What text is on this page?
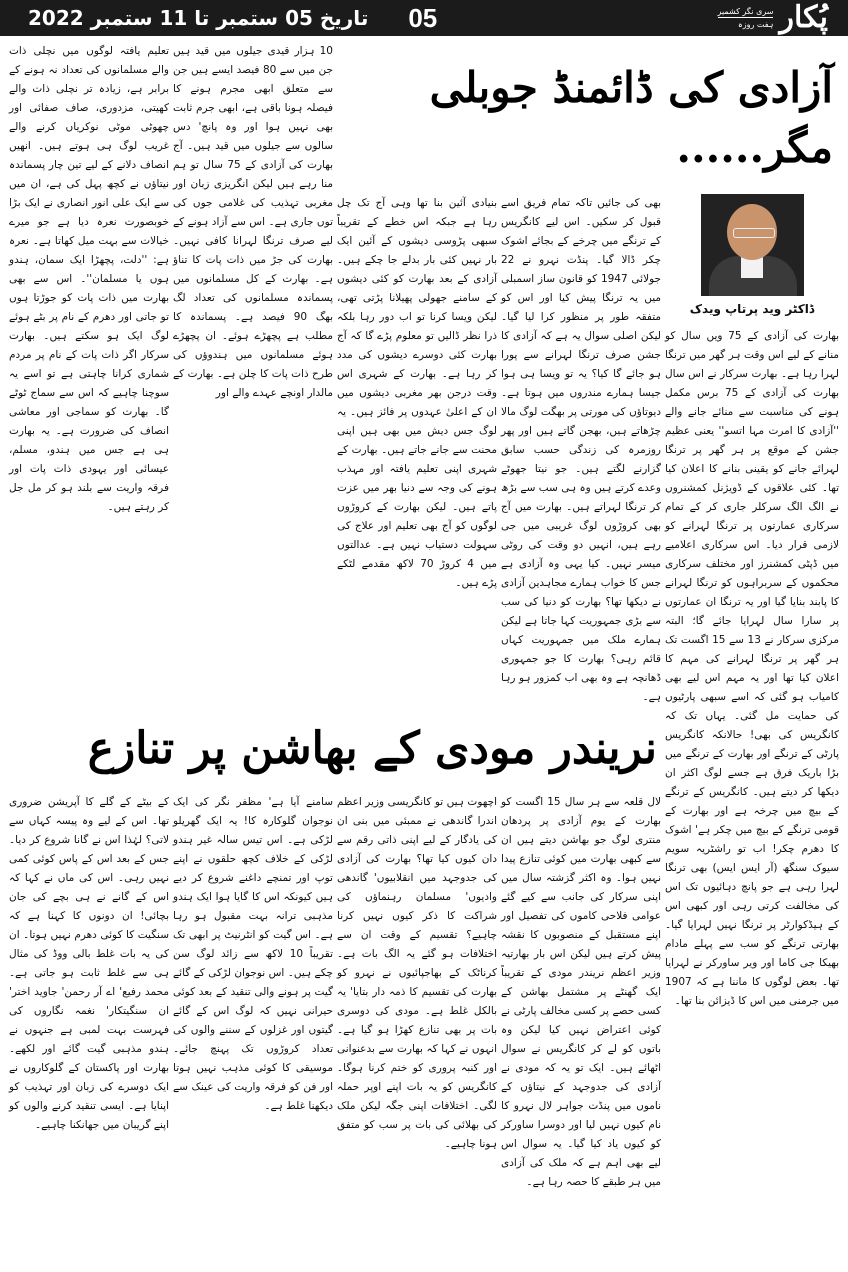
پُکار
سری نگر کشمیر
ہفت روزہ
05
تاریخ 05 ستمبر تا 11 ستمبر 2022
آزادی کی ڈائمنڈ جوبلی مگر......
ڈاکٹر وید پرتاپ ویدک

بھارت کی آزادی کے 75 ویں سال کو منانے کے لیے اس وقت ہر گھر میں ترنگا لہرا رہا ہے۔ بھارت سرکار نے اس سال بھارت کی آزادی کے 75 برس مکمل ہونے کی مناسبت سے منائے جانے والے ''آزادی کا امرت مہا اتسو'' یعنی عظیم جشن کے موقع پر ہر گھر پر ترنگا لہرائے جانے کو یقینی بنانے کا اعلان کیا تھا۔ کئی علاقوں کے ڈویژنل کمشنروں نے الگ الگ سرکلر جاری کر کے تمام سرکاری عمارتوں پر ترنگا لہرانے کو لازمی قرار دیا۔ اس سرکاری اعلامیے میں ڈپٹی کمشنرز اور مختلف سرکاری محکموں کے سربراہوں کو ترنگا لہرانے کا پابند بنایا گیا اور یہ ترنگا ان عمارتوں پر سارا سال لہرایا جائے گا؛ البتہ مرکزی سرکار نے 13 سے 15 اگست تک ہر گھر پر ترنگا لہرانے کی مہم کا اعلان کیا تھا اور یہ مہم اس لیے بھی کامیاب ہو گئی کہ اسے سبھی پارٹیوں کی حمایت مل گئی۔ یہاں تک کہ کانگریس کی بھی! حالانکہ کانگریس پارٹی کے ترنگے اور بھارت کے ترنگے میں بڑا باریک فرق ہے جسے لوگ اکثر ان دیکھا کر دیتے ہیں۔ کانگریس کے ترنگے کے بیچ میں چرخہ ہے اور بھارت کے قومی ترنگے کے بیچ میں چکر ہے' اشوک کا دھرم چکر! اب تو راشٹریہ سویم سیوک سنگھ (آر ایس ایس) بھی ترنگا لہرا رہی ہے جو پانچ دہائیوں تک اس کی مخالفت کرتی رہی اور کبھی اس کے ہیڈکوارٹر پر ترنگا نہیں لہرایا گیا۔ بھارتی ترنگے کو سب سے پہلے مادام بھیکا جی کاما اور ویر ساورکر نے لہرایا تھا۔ بعض لوگوں کا ماننا ہے کہ 1907 میں جرمنی میں اس کا ڈیزائن بنا تھا۔

بھی کی جائیں تاکہ تمام فریق اسے قبول کر سکیں۔ اس لیے کانگریس کے ترنگے میں چرخے کے بجائے اشوک چکر ڈالا گیا۔ پنڈت نہرو نے 22 جولائی 1947 کو قانون ساز اسمبلی میں یہ ترنگا پیش کیا اور اس کو متفقہ طور پر منظور کرا لیا گیا۔ لیکن اصلی سوال یہ ہے کہ آزادی کا جشن صرف ترنگا لہرانے سے پورا ہو جائے گا کیا؟ یہ تو ویسا ہی ہوا جیسا ہمارے مندروں میں ہوتا ہے۔ دیوتاؤں کی مورتی پر بھگت لوگ مالا چڑھاتے ہیں، بھجن گاتے ہیں اور پھر روزمرہ کی زندگی حسب سابق گزارنے لگتے ہیں۔ جو نیتا جھوٹے وعدے کرتے ہیں وہ ہی سب سے بڑھ کر ترنگا لہراتے ہیں۔ بھارت میں آج بھی کروڑوں لوگ غریبی میں جی رہے ہیں، انہیں دو وقت کی روٹی میسر نہیں۔ کیا یہی وہ آزادی ہے جس کا خواب ہمارے مجاہدین آزادی نے دیکھا تھا؟ بھارت کو دنیا کی سب سے بڑی جمہوریت کہا جاتا ہے لیکن ہمارے ملک میں جمہوریت کہاں قائم رہی؟ بھارت کا جو جمہوری ڈھانچہ ہے وہ بھی اب کمزور ہو رہا ہے۔

بنیادی آئین بنا تھا وہی آج تک چل رہا ہے جبکہ اس خطے کے تقریباً سبھی پڑوسی دیشوں کے آئین ایک بار نہیں کئی بار بدلے جا چکے ہیں۔ آزادی کے بعد بھارت کو کئی دیشوں کے سامنے جھولی پھیلانا پڑتی تھی، لیکن ویسا کرنا تو اب دور رہا بلکہ ذرا نظر ڈالیں تو معلوم پڑے گا کہ آج بھارت کئی دوسرے دیشوں کی مدد کر رہا ہے۔ بھارت کے شہری اس وقت درجن بھر مغربی دیشوں میں ان کے اعلیٰ عہدوں پر فائز ہیں۔ یہ لوگ جس دیش میں بھی ہیں اپنی محنت سے جانے جاتے ہیں۔ بھارت کے شہری اپنی تعلیم یافتہ اور مہذب ہونے کی وجہ سے دنیا بھر میں عزت پاتے ہیں۔ لیکن بھارت کے کروڑوں لوگوں کو آج بھی تعلیم اور علاج کی سہولت دستیاب نہیں ہے۔ عدالتوں میں 4 کروڑ 70 لاکھ مقدمے لٹکے پڑے ہیں۔

10 ہزار قیدی جیلوں میں قید ہیں جن میں سے 80 فیصد ایسے ہیں جن سے متعلق ابھی مجرم ہونے کا فیصلہ ہونا باقی ہے، ابھی جرم ثابت بھی نہیں ہوا اور وہ پانچ' دس سالوں سے جیلوں میں قید ہیں۔ آج بھارت کی آزادی کے 75 سال تو ہم منا رہے ہیں لیکن انگریزی زبان اور مغربی تہذیب کی غلامی جوں کی توں جاری ہے۔ اس سے آزاد ہونے کے لیے صرف ترنگا لہرانا کافی نہیں۔ بھارت کی جڑ میں ذات پات کا تناؤ ہے۔ بھارت کے کل مسلمانوں میں پسماندہ مسلمانوں کی تعداد لگ بھگ 90 فیصد ہے۔ پسماندہ کا مطلب ہے پچھڑے ہوئے۔ ان پچھڑے ہوئے مسلمانوں میں ہندوؤں کی طرح ذات پات کا چلن ہے۔ بھارت کے مالدار اونچے عہدے والے اور

تعلیم یافتہ لوگوں میں نچلی ذات والے مسلمانوں کی تعداد نہ ہونے کے برابر ہے، زیادہ تر نچلی ذات والے کھیتی، مزدوری، صاف صفائی اور چھوٹی موٹی نوکریاں کرنے والے غریب لوگ ہی ہوتے ہیں۔ انھیں انصاف دلانے کے لیے تین چار پسماندہ نیتاؤں نے کچھ پہل کی ہے، ان میں سے ایک علی انور انصاری نے ایک بڑا خوبصورت نعرہ دیا ہے جو میرے خیالات سے بہت میل کھاتا ہے۔ نعرہ ہے: ''دلت، پچھڑا ایک سمان، ہندو ہوں یا مسلمان''۔ اس سے بھی بھارت میں ذات پات کو جوڑتا ہوں تو جاتی اور دھرم کے نام پر بٹے ہوئے لوگ ایک ہو سکتے ہیں۔ بھارت سرکار اگر ذات پات کے نام پر مردم شماری کرانا چاہتی ہے تو اسے یہ سوچنا چاہیے کہ اس سے سماج ٹوٹے گا۔ بھارت کو سماجی اور معاشی انصاف کی ضرورت ہے۔ یہ بھارت ہی ہے جس میں ہندو، مسلم، عیسائی اور یہودی ذات پات اور فرقہ واریت سے بلند ہو کر مل جل کر رہتے ہیں۔

نریندر مودی کے بھاشن پر تنازع

لال قلعہ سے ہر سال 15 اگست کو بھارت کے یوم آزادی پر پردھان منتری لوگ جو بھاشن دیتے ہیں ان سے کبھی بھارت میں کوئی تنازع پیدا نہیں ہوا۔ وہ اکثر گزشتہ سال میں اپنی سرکار کی جانب سے کیے گئے عوامی فلاحی کاموں کی تفصیل اور اپنے مستقبل کے منصوبوں کا نقشہ پیش کرتے ہیں لیکن اس بار بھارتیہ وزیر اعظم نریندر مودی کے تقریباً ایک گھنٹے پر مشتمل بھاشن کے کسی حصے پر کسی مخالف پارٹی نے کوئی اعتراض نہیں کیا لیکن وہ باتوں کو لے کر کانگریس نے سوال اٹھائے ہیں۔ ایک تو یہ کہ مودی نے آزادی کی جدوجہد کے نیتاؤں کے ناموں میں پنڈت جواہر لال نہرو کا نام کیوں نہیں لیا اور دوسرا ساورکر کو کیوں یاد کیا گیا۔ یہ سوال اس لیے بھی اہم ہے کہ ملک کی آزادی میں ہر طبقے کا حصہ رہا ہے۔

اچھوت ہیں تو کانگریسی وزیر اعظم اندرا گاندھی نے ممبئی میں بنی ان کی یادگار کے لیے اپنی ذاتی رقم سے دان کیوں کیا تھا؟ بھارت کی آزادی کی جدوجہد میں انقلابیوں' گاندھی وادیوں' مسلمان رہنماؤں کی شراکت کا ذکر کیوں نہیں کرنا چاہیے؟ تقسیم کے وقت ان سے اختلافات ہو گئے یہ الگ بات ہے۔ کرناٹک کے بھاجپائیوں نے نہرو کو بھارت کی تقسیم کا ذمہ دار بتایا' یہ بالکل غلط ہے۔ مودی کی دوسری بات پر بھی تنازع کھڑا ہو گیا ہے۔ انہوں نے کہا کہ بھارت سے بدعنوانی اور کنبہ پروری کو ختم کرنا ہوگا۔ کانگریس کو یہ بات اپنے اوپر حملہ لگی۔ اختلافات اپنی جگہ لیکن ملک کی بھلائی کی بات پر سب کو متفق ہونا چاہیے۔

سامنے آیا ہے' مظفر نگر کی ایک نوجوان گلوکارہ کا! یہ ایک گھریلو لڑکی ہے۔ اس تیس سالہ غیر ہندو لڑکی کے خلاف کچھ حلقوں نے اپنے توپ اور تمنچے داغنے شروع کر دیے ہیں کیونکہ اس کا گایا ہوا ایک ہندو مذہبی ترانہ بہت مقبول ہو رہا ہے۔ اس گیت کو انٹرنیٹ پر ابھی تک تقریباً 10 لاکھ سے زائد لوگ سن چکے ہیں۔ اس نوجوان لڑکی کے گائے گیت پر ہونے والی تنقید کے بعد کوئی حیرانی نہیں کہ لوگ اس کے گائے گیتوں اور غزلوں کے سننے والوں کی تعداد کروڑوں تک پہنچ جائے۔ موسیقی کا کوئی مذہب نہیں ہوتا اور فن کو فرقہ واریت کی عینک سے دیکھنا غلط ہے۔

کے بیٹے کے گلے کا آپریشن ضروری تھا۔ اس کے لیے وہ پیسہ کہاں سے لاتی؟ لہٰذا اس نے گانا شروع کر دیا۔ جس کے بعد اس کے پاس کوئی کمی نہیں رہی۔ اس کی ماں نے کہا کہ اس کے گانے نے ہی بچے کی جان بچائی! ان دونوں کا کہنا ہے کہ سنگیت کا کوئی دھرم نہیں ہوتا۔ ان کی یہ بات غلط بالی ووڈ کی مثال ہی سے غلط ثابت ہو جاتی ہے۔ محمد رفیع' اے آر رحمن' جاوید اختر' ان سنگیتکار' نغمہ نگاروں کی فہرست بہت لمبی ہے جنہوں نے ہندو مذہبی گیت گائے اور لکھے۔ بھارت اور پاکستان کے گلوکاروں نے ایک دوسرے کی زبان اور تہذیب کو اپنایا ہے۔ ایسی تنقید کرنے والوں کو اپنے گریبان میں جھانکنا چاہیے۔
